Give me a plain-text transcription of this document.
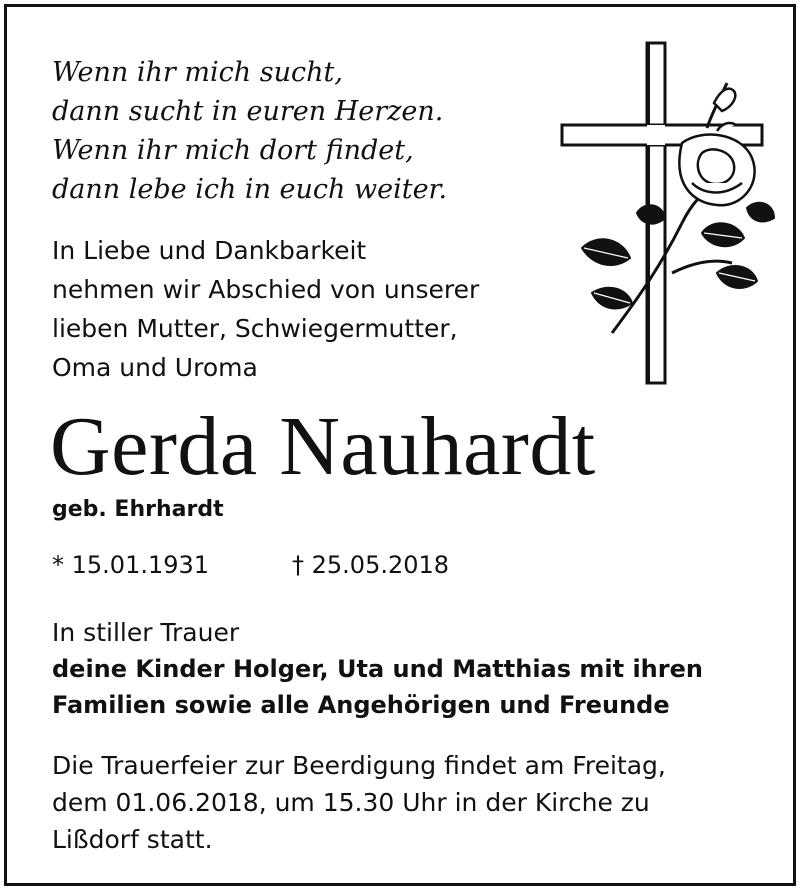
Wenn ihr mich sucht,
dann sucht in euren Herzen.
Wenn ihr mich dort findet,
dann lebe ich in euch weiter.
In Liebe und Dankbarkeit
nehmen wir Abschied von unserer
lieben Mutter, Schwiegermutter,
Oma und Uroma
Gerda Nauhardt
geb. Ehrhardt
* 15.01.1931	† 25.05.2018
In stiller Trauer
deine Kinder Holger, Uta und Matthias mit ihren
Familien sowie alle Angehörigen und Freunde
Die Trauerfeier zur Beerdigung findet am Freitag,
dem 01.06.2018, um 15.30 Uhr in der Kirche zu
Lißdorf statt.
